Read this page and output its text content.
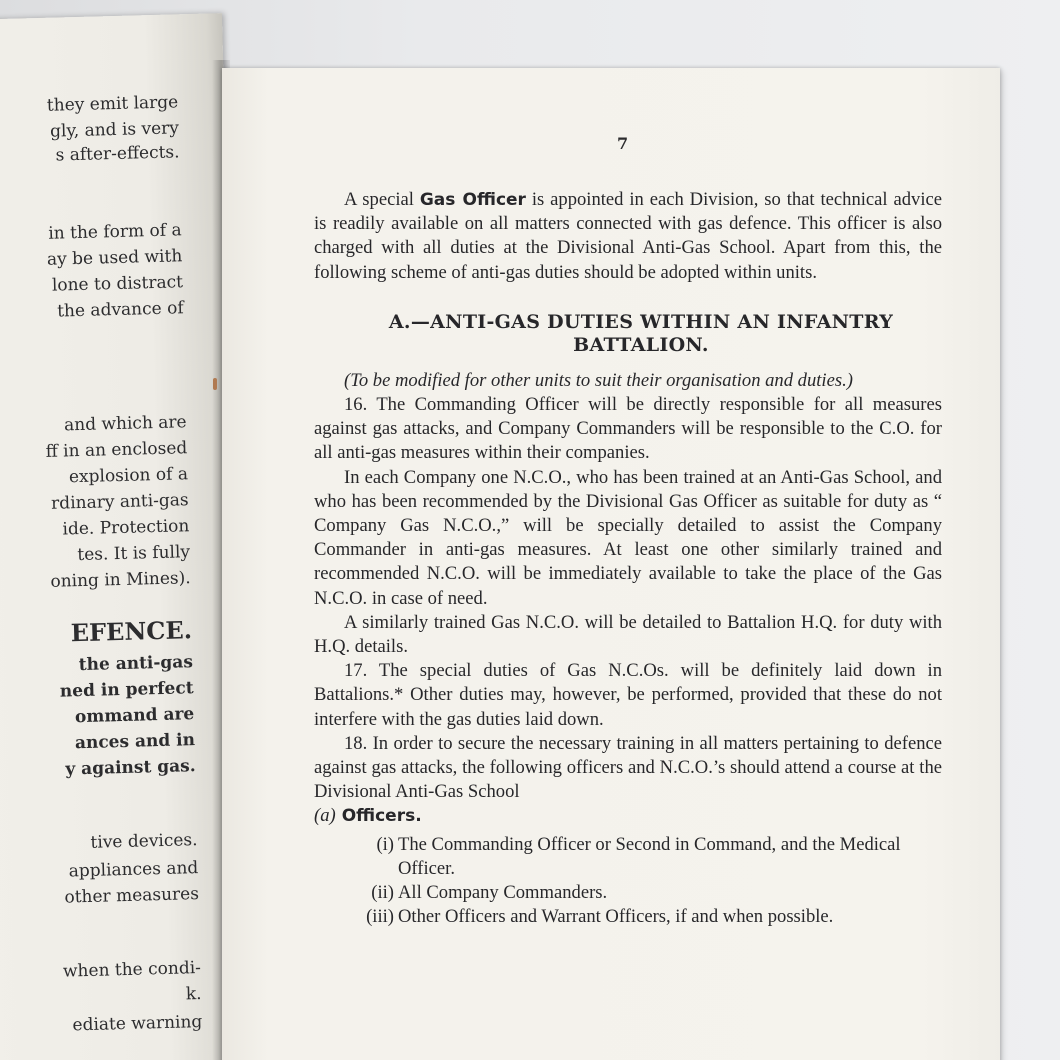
they emit large
gly, and is very
s after-effects.
in the form of a
ay be used with
lone to distract
the advance of
and which are
ff in an enclosed
explosion of a
rdinary anti-gas
ide. Protection
tes. It is fully
oning in Mines).
EFENCE.
the anti-gas
ned in perfect
ommand are
ances and in
y against gas.
tive devices.
appliances and
other measures
when the condi-
k.
ediate warning
7

A special Gas Officer is appointed in each Division, so that technical advice is readily available on all matters connected with gas defence. This officer is also charged with all duties at the Divisional Anti-Gas School. Apart from this, the following scheme of anti-gas duties should be adopted within units.

A.—ANTI-GAS DUTIES WITHIN AN INFANTRY
BATTALION.

(To be modified for other units to suit their organisation and duties.)

16. The Commanding Officer will be directly responsible for all measures against gas attacks, and Company Commanders will be responsible to the C.O. for all anti-gas measures within their companies.

In each Company one N.C.O., who has been trained at an Anti-Gas School, and who has been recommended by the Divisional Gas Officer as suitable for duty as “ Company Gas N.C.O.,” will be specially detailed to assist the Company Commander in anti-gas measures. At least one other similarly trained and recommended N.C.O. will be immediately available to take the place of the Gas N.C.O. in case of need.

A similarly trained Gas N.C.O. will be detailed to Battalion H.Q. for duty with H.Q. details.

17. The special duties of Gas N.C.Os. will be definitely laid down in Battalions.* Other duties may, however, be performed, provided that these do not interfere with the gas duties laid down.

18. In order to secure the necessary training in all matters pertaining to defence against gas attacks, the following officers and N.C.O.’s should attend a course at the Divisional Anti-Gas School

(a) Officers.

(i) The Commanding Officer or Second in Command, and the Medical Officer.
(ii) All Company Commanders.
(iii) Other Officers and Warrant Officers, if and when possible.
